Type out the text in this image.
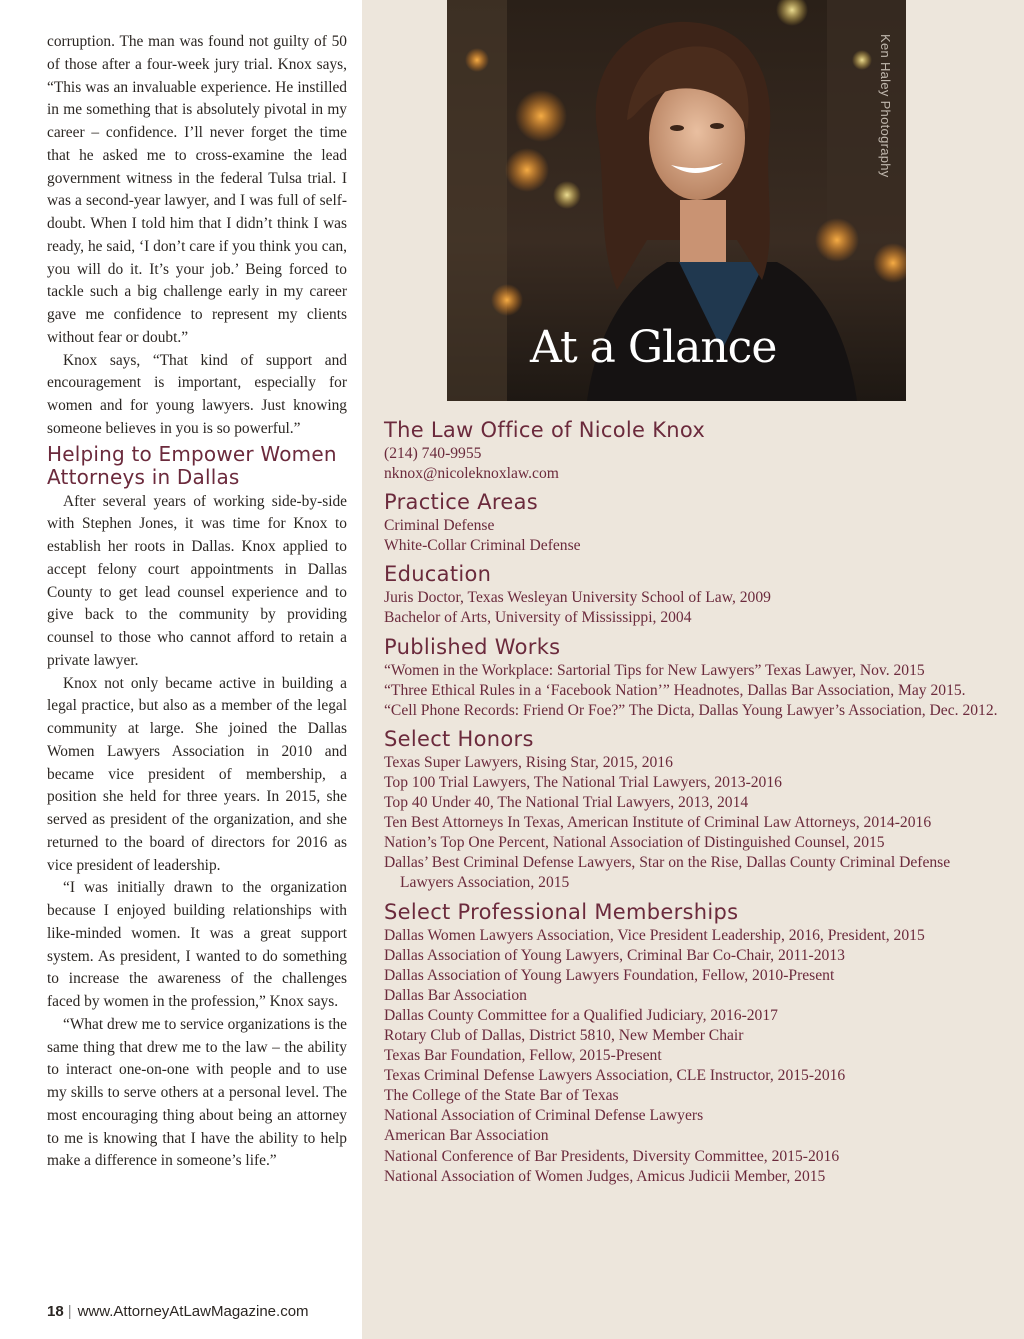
corruption. The man was found not guilty of 50 of those after a four-week jury trial. Knox says, “This was an invaluable experience. He instilled in me something that is absolutely pivotal in my career – confidence. I’ll never forget the time that he asked me to cross-examine the lead government witness in the federal Tulsa trial. I was a second-year lawyer, and I was full of self-doubt. When I told him that I didn’t think I was ready, he said, ‘I don’t care if you think you can, you will do it. It’s your job.’ Being forced to tackle such a big challenge early in my career gave me confidence to represent my clients without fear or doubt.”

Knox says, “That kind of support and encouragement is important, especially for women and for young lawyers. Just knowing someone believes in you is so powerful.”

Helping to Empower Women Attorneys in Dallas

After several years of working side-by-side with Stephen Jones, it was time for Knox to establish her roots in Dallas. Knox applied to accept felony court appointments in Dallas County to get lead counsel experience and to give back to the community by providing counsel to those who cannot afford to retain a private lawyer.

Knox not only became active in building a legal practice, but also as a member of the legal community at large. She joined the Dallas Women Lawyers Association in 2010 and became vice president of membership, a position she held for three years. In 2015, she served as president of the organization, and she returned to the board of directors for 2016 as vice president of leadership.

“I was initially drawn to the organization because I enjoyed building relationships with like-minded women. It was a great support system. As president, I wanted to do something to increase the awareness of the challenges faced by women in the profession,” Knox says.

“What drew me to service organizations is the same thing that drew me to the law – the ability to interact one-on-one with people and to use my skills to serve others at a personal level. The most encouraging thing about being an attorney to me is knowing that I have the ability to help make a difference in someone’s life.”

18 | www.AttorneyAtLawMagazine.com
Ken Haley Photography
At a Glance
The Law Office of Nicole Knox
(214) 740-9955
nknox@nicoleknoxlaw.com
Practice Areas
Criminal Defense
White-Collar Criminal Defense
Education
Juris Doctor, Texas Wesleyan University School of Law, 2009
Bachelor of Arts, University of Mississippi, 2004
Published Works
“Women in the Workplace: Sartorial Tips for New Lawyers” Texas Lawyer, Nov. 2015
“Three Ethical Rules in a ‘Facebook Nation’” Headnotes, Dallas Bar Association, May 2015.
“Cell Phone Records: Friend Or Foe?” The Dicta, Dallas Young Lawyer’s Association, Dec. 2012.
Select Honors
Texas Super Lawyers, Rising Star, 2015, 2016
Top 100 Trial Lawyers, The National Trial Lawyers, 2013-2016
Top 40 Under 40, The National Trial Lawyers, 2013, 2014
Ten Best Attorneys In Texas, American Institute of Criminal Law Attorneys, 2014-2016
Nation’s Top One Percent, National Association of Distinguished Counsel, 2015
Dallas’ Best Criminal Defense Lawyers, Star on the Rise, Dallas County Criminal Defense Lawyers Association, 2015
Select Professional Memberships
Dallas Women Lawyers Association, Vice President Leadership, 2016, President, 2015
Dallas Association of Young Lawyers, Criminal Bar Co-Chair, 2011-2013
Dallas Association of Young Lawyers Foundation, Fellow, 2010-Present
Dallas Bar Association
Dallas County Committee for a Qualified Judiciary, 2016-2017
Rotary Club of Dallas, District 5810, New Member Chair
Texas Bar Foundation, Fellow, 2015-Present
Texas Criminal Defense Lawyers Association, CLE Instructor, 2015-2016
The College of the State Bar of Texas
National Association of Criminal Defense Lawyers
American Bar Association
National Conference of Bar Presidents, Diversity Committee, 2015-2016
National Association of Women Judges, Amicus Judicii Member, 2015
